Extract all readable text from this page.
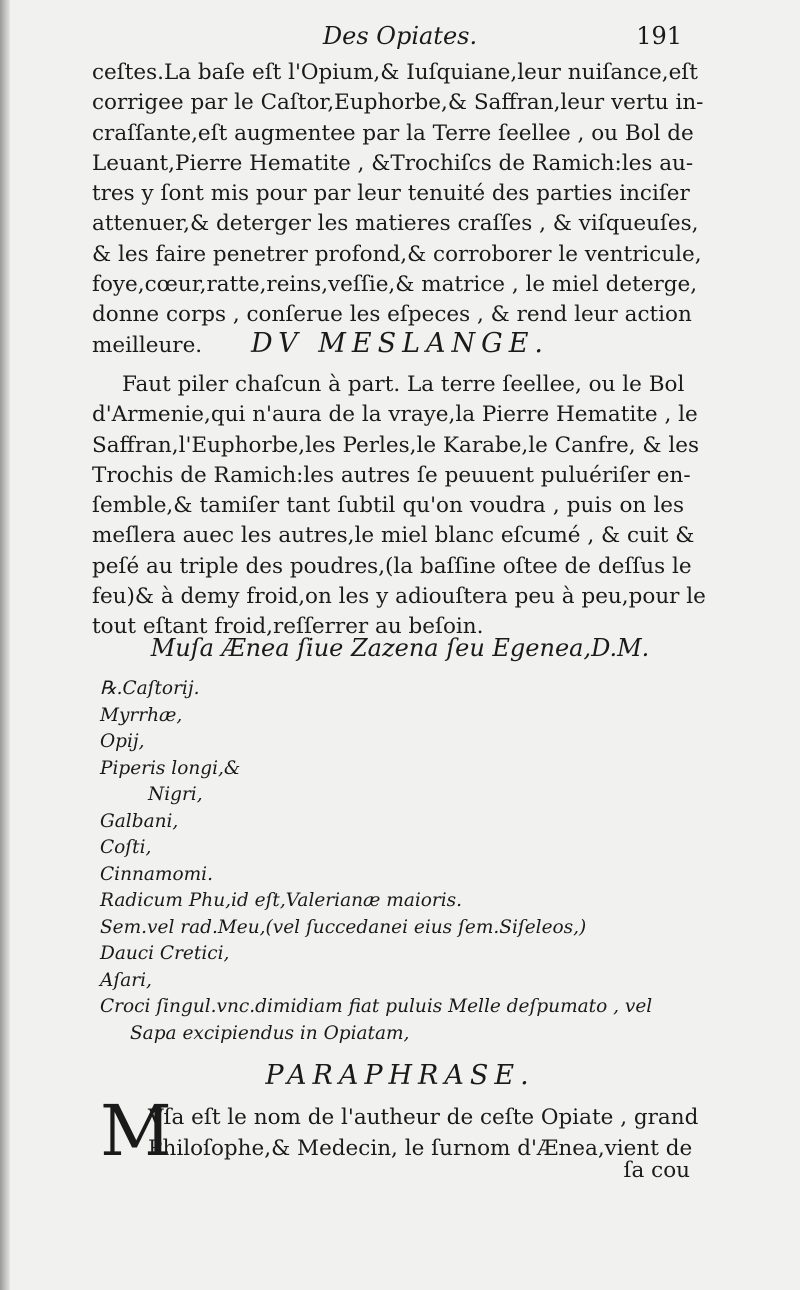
Des Opiates.	191
ceſtes.La baſe eſt l'Opium,& Iuſquiane,leur nuiſance,eſt
corrigee par le Caſtor,Euphorbe,& Saffran,leur vertu in-
craſſante,eſt augmentee par la Terre ſeellee , ou Bol de
Leuant,Pierre Hematite , &Trochiſcs de Ramich:les au-
tres y ſont mis pour par leur tenuité des parties inciſer
attenuer,& deterger les matieres craſſes , & viſqueuſes,
& les faire penetrer profond,& corroborer le ventricule,
foye,cœur,ratte,reins,veſſie,& matrice , le miel deterge,
donne corps , conſerue les eſpeces , & rend leur action
meilleure.	DV MESLANGE.
Faut piler chaſcun à part. La terre ſeellee, ou le Bol
d'Armenie,qui n'aura de la vraye,la Pierre Hematite , le
Saffran,l'Euphorbe,les Perles,le Karabe,le Canfre, & les
Trochis de Ramich:les autres ſe peuuent puluériſer en-
ſemble,& tamiſer tant ſubtil qu'on voudra , puis on les
meſlera auec les autres,le miel blanc eſcumé , & cuit &
peſé au triple des poudres,(la baſſine oſtee de deſſus le
feu)& à demy froid,on les y adiouſtera peu à peu,pour le
tout eſtant froid,reſſerrer au beſoin.
Muſa Ænea ſiue Zazena ſeu Egenea,D.M.
℞.Caſtorij.
Myrrhæ,
Opij,
Piperis longi,&
Nigri,
Galbani,
Coſti,
Cinnamomi.
Radicum Phu,id eſt,Valerianæ maioris.
Sem.vel rad.Meu,(vel ſuccedanei eius ſem.Siſeleos,)
Dauci Cretici,
Aſari,
Croci ſingul.vnc.dimidiam fiat puluis Melle deſpumato , vel
Sapa excipiendus in Opiatam,
PARAPHRASE.
M
Vſa eſt le nom de l'autheur de ceſte Opiate , grand
Philoſophe,& Medecin, le ſurnom d'Ænea,vient de
ſa cou
